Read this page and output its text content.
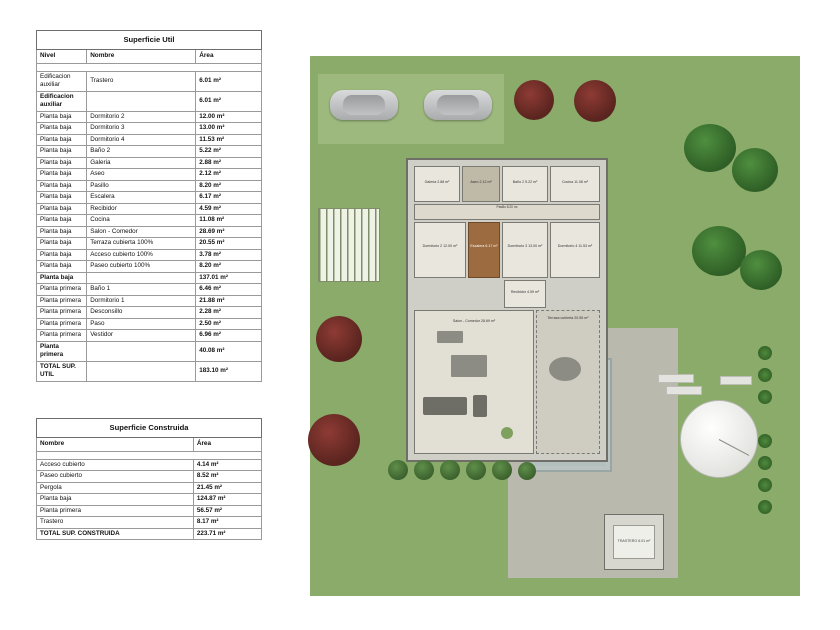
Superficie Util		
Nivel	Nombre	Área

Edificacion auxiliar	Trastero	6.01 m²
Edificacion auxiliar		6.01 m²
Planta baja	Dormitorio 2	12.00 m²
Planta baja	Dormitorio 3	13.00 m²
Planta baja	Dormitorio 4	11.53 m²
Planta baja	Baño 2	5.22 m²
Planta baja	Galeria	2.88 m²
Planta baja	Aseo	2.12 m²
Planta baja	Pasillo	8.20 m²
Planta baja	Escalera	6.17 m²
Planta baja	Recibidor	4.59 m²
Planta baja	Cocina	11.08 m²
Planta baja	Salon - Comedor	28.69 m²
Planta baja	Terraza cubierta 100%	20.55 m²
Planta baja	Acceso cubierto 100%	3.78 m²
Planta baja	Paseo cubierto 100%	8.20 m²
Planta baja		137.01 m²
Planta primera	Baño 1	6.46 m²
Planta primera	Dormitorio 1	21.88 m²
Planta primera	Desconsillo	2.28 m²
Planta primera	Paso	2.50 m²
Planta primera	Vestidor	6.96 m²
Planta primera		40.08 m²
TOTAL SUP. UTIL		183.10 m²
Superficie Construida	
Nombre	Área

Acceso cubierto	4.14 m²
Paseo cubierto	8.52 m²
Pergola	21.45 m²
Planta baja	124.87 m²
Planta primera	56.57 m²
Trastero	8.17 m²
TOTAL SUP. CONSTRUIDA	223.71 m²
Galeria 2.88 m²	Aseo 2.12 m²	Baño 2 5.22 m²	Cocina 11.08 m²
Pasillo 8.20 m²
Dormitorio 2 12.00 m²	Escalera 6.17 m²	Dormitorio 3 13.00 m²	Dormitorio 4 11.53 m²
Recibidor 4.59 m²
Salon - Comedor 28.69 m²
Terraza cubierta 20.55 m²
TRASTERO 6.01 m²
